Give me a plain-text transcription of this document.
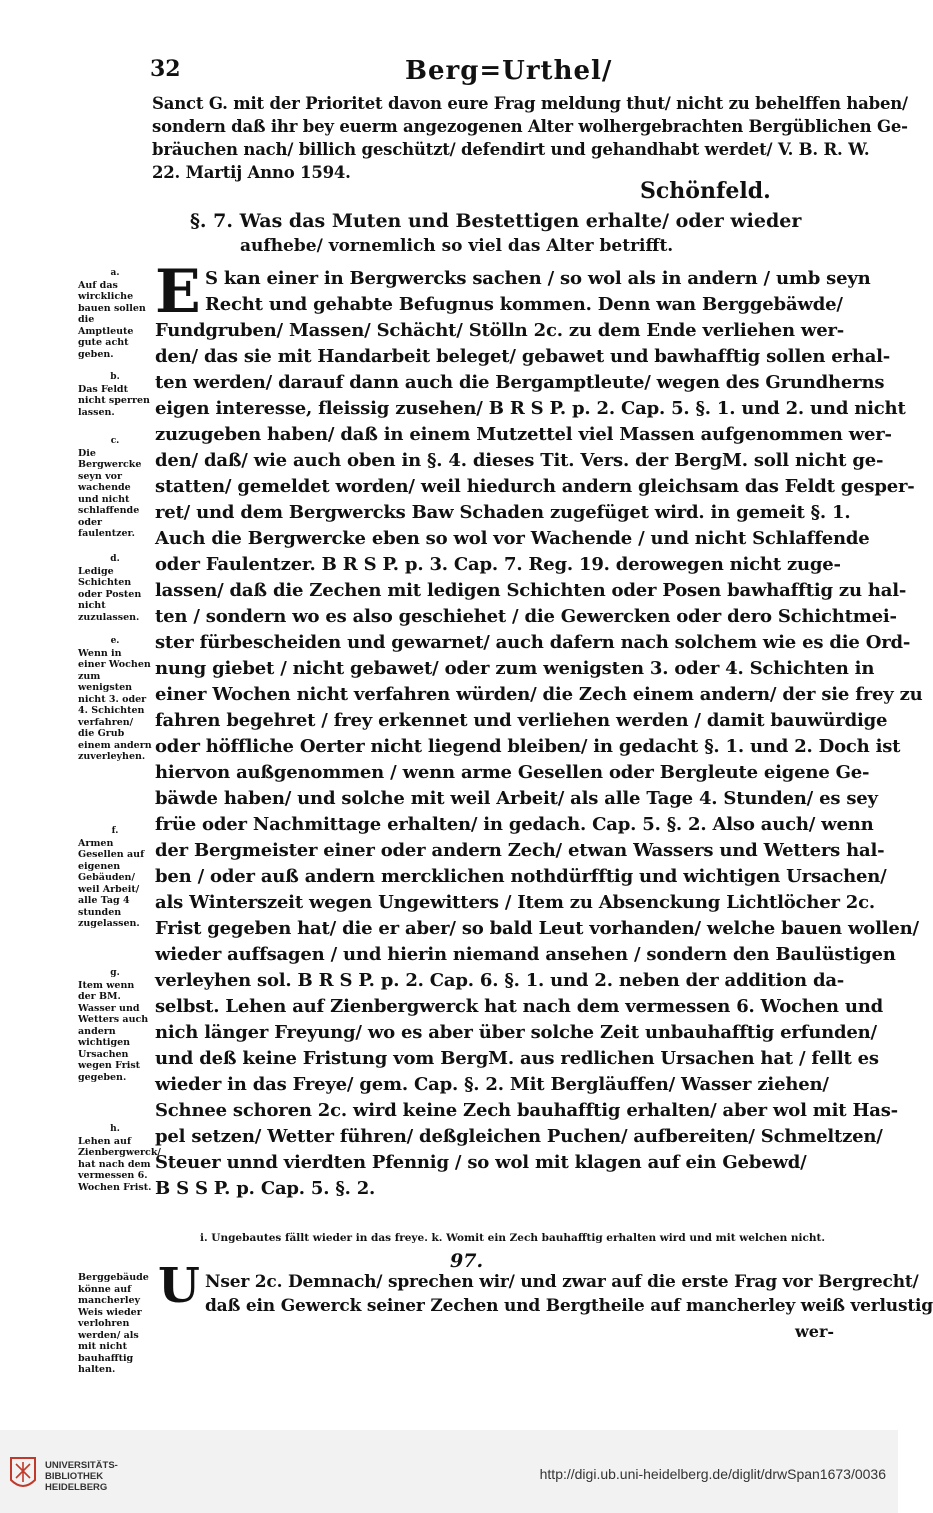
32	Berg=Urthel/
Sanct G. mit der Prioritet davon eure Frag meldung thut/ nicht zu behelffen haben/
sondern daß ihr bey euerm angezogenen Alter wolhergebrachten Bergüblichen Ge-
bräuchen nach/ billich geschützt/ defendirt und gehandhabt werdet/ V. B. R. W.
22. Martij Anno 1594.
Schönfeld.
§. 7. Was das Muten und Bestettigen erhalte/ oder wieder
aufhebe/ vornemlich so viel das Alter betrifft.
E S kan einer in Bergwercks sachen / so wol als in andern / umb seyn
Recht und gehabte Befugnus kommen. Denn wan Berggebäwde/
Fundgruben/ Massen/ Schächt/ Stölln 2c. zu dem Ende verliehen wer-
den/ das sie mit Handarbeit beleget/ gebawet und bawhafftig sollen erhal-
ten werden/ darauf dann auch die Bergamptleute/ wegen des Grundherns
eigen interesse, fleissig zusehen/ B R S P. p. 2. Cap. 5. §. 1. und 2. und nicht
zuzugeben haben/ daß in einem Mutzettel viel Massen aufgenommen wer-
den/ daß/ wie auch oben in §. 4. dieses Tit. Vers. der BergM. soll nicht ge-
statten/ gemeldet worden/ weil hiedurch andern gleichsam das Feldt gesper-
ret/ und dem Bergwercks Baw Schaden zugefüget wird. in gemeit §. 1.
Auch die Bergwercke eben so wol vor Wachende / und nicht Schlaffende
oder Faulentzer. B R S P. p. 3. Cap. 7. Reg. 19. derowegen nicht zuge-
lassen/ daß die Zechen mit ledigen Schichten oder Posen bawhafftig zu hal-
ten / sondern wo es also geschiehet / die Gewercken oder dero Schichtmei-
ster fürbescheiden und gewarnet/ auch dafern nach solchem wie es die Ord-
nung giebet / nicht gebawet/ oder zum wenigsten 3. oder 4. Schichten in
einer Wochen nicht verfahren würden/ die Zech einem andern/ der sie frey zu
fahren begehret / frey erkennet und verliehen werden / damit bauwürdige
oder höffliche Oerter nicht liegend bleiben/ in gedacht §. 1. und 2. Doch ist
hiervon außgenommen / wenn arme Gesellen oder Bergleute eigene Ge-
bäwde haben/ und solche mit weil Arbeit/ als alle Tage 4. Stunden/ es sey
früe oder Nachmittage erhalten/ in gedach. Cap. 5. §. 2. Also auch/ wenn
der Bergmeister einer oder andern Zech/ etwan Wassers und Wetters hal-
ben / oder auß andern mercklichen nothdürfftig und wichtigen Ursachen/
als Winterszeit wegen Ungewitters / Item zu Absenckung Lichtlöcher 2c.
Frist gegeben hat/ die er aber/ so bald Leut vorhanden/ welche bauen wollen/
wieder auffsagen / und hierin niemand ansehen / sondern den Baulüstigen
verleyhen sol. B R S P. p. 2. Cap. 6. §. 1. und 2. neben der addition da-
selbst. Lehen auf Zienbergwerck hat nach dem vermessen 6. Wochen und
nich länger Freyung/ wo es aber über solche Zeit unbauhafftig erfunden/
und deß keine Fristung vom BergM. aus redlichen Ursachen hat / fellt es
wieder in das Freye/ gem. Cap. §. 2. Mit Bergläuffen/ Wasser ziehen/
Schnee schoren 2c. wird keine Zech bauhafftig erhalten/ aber wol mit Has-
pel setzen/ Wetter führen/ deßgleichen Puchen/ aufbereiten/ Schmeltzen/
Steuer unnd vierdten Pfennig / so wol mit klagen auf ein Gebewd/
B S S P. p. Cap. 5. §. 2.
a.
Auf das wirckliche bauen sollen die Amptleute gute acht geben.
b.
Das Feldt nicht sperren lassen.
c.
Die Bergwercke seyn vor wachende und nicht schlaffende oder faulentzer.
d.
Ledige Schichten oder Posten nicht zuzulassen.
e.
Wenn in einer Wochen zum wenigsten nicht 3. oder 4. Schichten verfahren/ die Grub einem andern zuverleyhen.
f.
Armen Gesellen auf eigenen Gebäuden/ weil Arbeit/ alle Tag 4 stunden zugelassen.
g.
Item wenn der BM. Wasser und Wetters auch andern wichtigen Ursachen wegen Frist gegeben.
h.
Lehen auf Zienbergwerck/ hat nach dem vermessen 6. Wochen Frist.
i. Ungebautes fällt wieder in das freye. k. Womit ein Zech bauhafftig erhalten wird und mit welchen nicht.
97.
U Nser 2c. Demnach/ sprechen wir/ und zwar auf die erste Frag vor Bergrecht/
daß ein Gewerck seiner Zechen und Bergtheile auf mancherley weiß verlustig
wer-
Berggebäude könne auf mancherley Weis wieder verlohren werden/ als mit nicht bauhafftig halten.
UNIVERSITÄTS-
BIBLIOTHEK
HEIDELBERG
http://digi.ub.uni-heidelberg.de/diglit/drwSpan1673/0036
